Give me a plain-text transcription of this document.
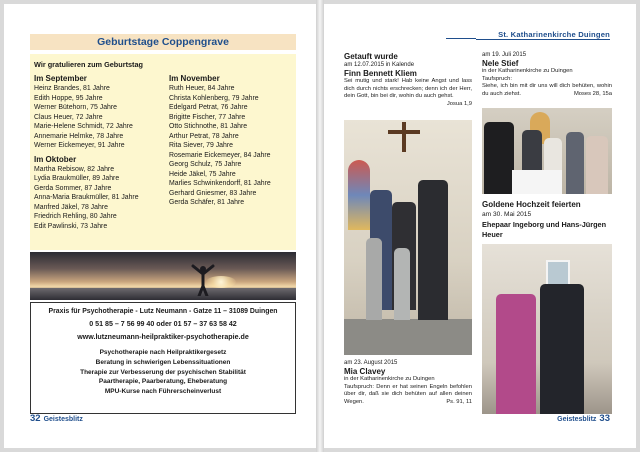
Geburtstage Coppengrave
Wir gratulieren zum Geburtstag
Im September
Heinz Brandes, 81 Jahre
Edith Hoppe, 95 Jahre
Werner Bütehorn, 75 Jahre
Claus Heuer, 72 Jahre
Marie-Helene Schmidt, 72 Jahre
Annemarie Helmke, 78 Jahre
Werner Eickemeyer, 91 Jahre
Im Oktober
Martha Rebisow, 82 Jahre
Lydia Braukmüller, 89 Jahre
Gerda Sommer, 87 Jahre
Anna-Maria Braukmüller, 81 Jahre
Manfred Jäkel, 78 Jahre
Friedrich Rehling, 80 Jahre
Edit Pawlinski, 73 Jahre
Im November
Ruth Heuer, 84 Jahre
Christa Kohlenberg, 79 Jahre
Edelgard Petrat, 76 Jahre
Brigitte Fischer, 77 Jahre
Otto Stichnothe, 81 Jahre
Arthur Petrat, 78 Jahre
Rita Siever, 79 Jahre
Rosemarie Eickemeyer, 84 Jahre
Georg Schulz, 75 Jahre
Heide Jäkel, 75 Jahre
Marlies Schwinkendorff, 81 Jahre
Gerhard Gniesmer, 83 Jahre
Gerda Schäfer, 81 Jahre
Praxis für Psychotherapie - Lutz Neumann - Gatze 11 – 31089 Duingen
0 51 85 – 7 56 99 40 oder 01 57 – 37 63 58 42
www.lutzneumann-heilpraktiker-psychotherapie.de
Psychotherapie nach Heilpraktikergesetz
Beratung in schwierigen Lebenssituationen
Therapie zur Verbesserung der psychischen Stabilität
Paartherapie, Paarberatung, Eheberatung
MPU-Kurse nach Führerscheinverlust
32 Geistesblitz
St. Katharinenkirche Duingen
Getauft wurde
am 12.07.2015 in Kalende
Finn Bennett Kliem
Sei mutig und stark! Hab keine Angst und lass dich durch nichts erschrecken; denn ich der Herr, dein Gott, bin bei dir, wohin du auch gehst.
Josua 1,9
am 19. Juli 2015
Nele Stief
in der Katharinenkirche zu Duingen
Taufspruch:
Siehe, ich bin mit dir uns will dich behüten, wohin du auch ziehst.	Moses 28, 15a
Goldene Hochzeit feierten
am 30. Mai 2015
Ehepaar Ingeborg und Hans-Jürgen Heuer
am 23. August 2015
Mia Clavey
in der Katharinenkirche zu Duingen
Taufspruch: Denn er hat seinen Engeln befohlen über dir, daß sie dich behüten auf allen deinen Wegen.	Ps. 91, 11
Geistesblitz 33
